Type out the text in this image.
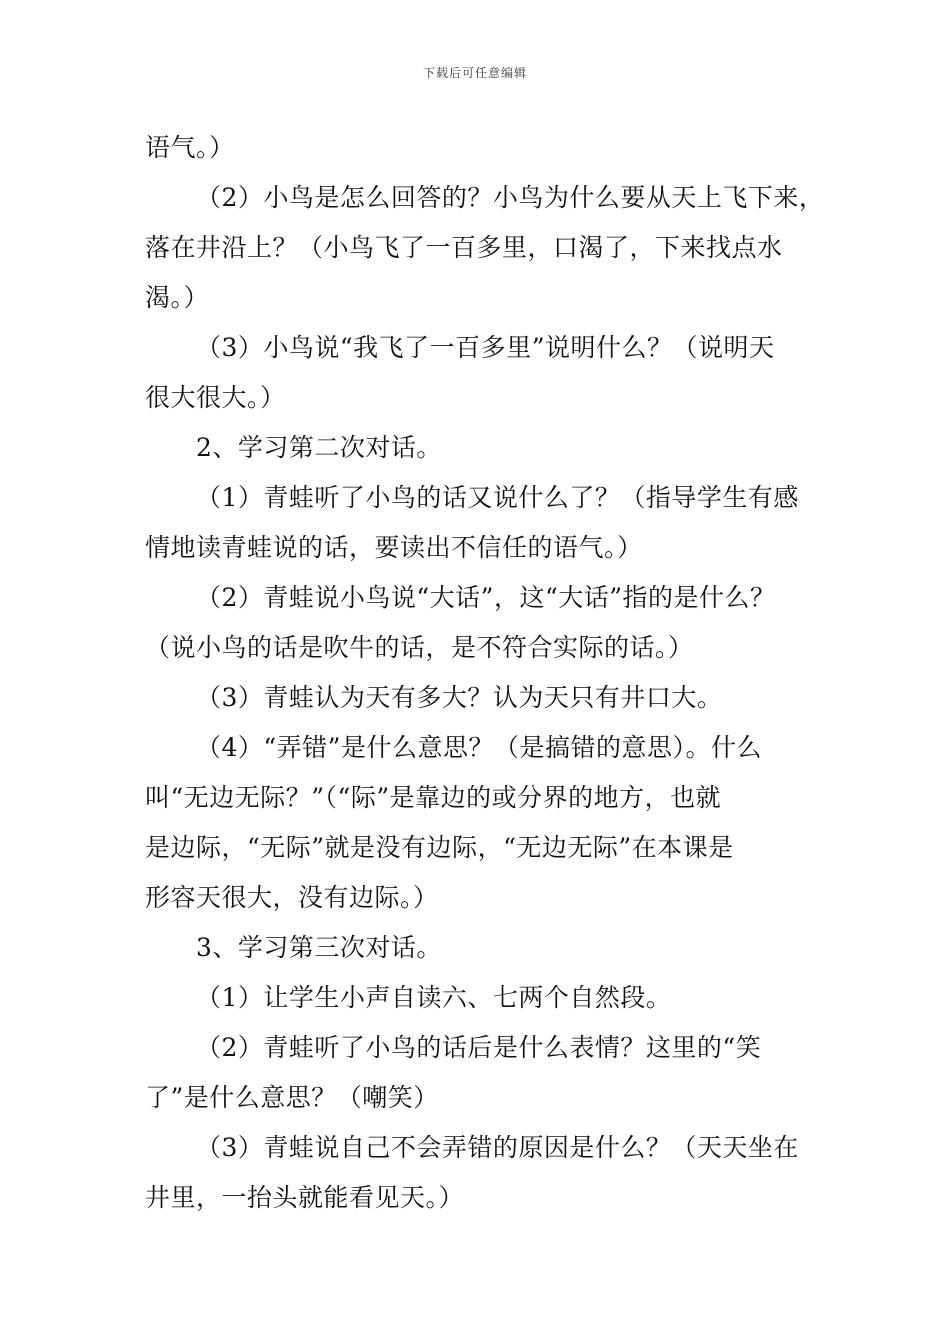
下载后可任意编辑
语气。）
（2）小鸟是怎么回答的？小鸟为什么要从天上飞下来，
落在井沿上？（小鸟飞了一百多里，口渴了，下来找点水
渴。）
（3）小鸟说“我飞了一百多里”说明什么？（说明天
很大很大。）
2、学习第二次对话。
（1）青蛙听了小鸟的话又说什么了？（指导学生有感
情地读青蛙说的话，要读出不信任的语气。）
（2）青蛙说小鸟说“大话”，这“大话”指的是什么？
（说小鸟的话是吹牛的话，是不符合实际的话。）
（3）青蛙认为天有多大？认为天只有井口大。
（4）“弄错”是什么意思？（是搞错的意思）。什么
叫“无边无际？”（“际”是靠边的或分界的地方，也就
是边际，“无际”就是没有边际，“无边无际”在本课是
形容天很大，没有边际。）
3、学习第三次对话。
（1）让学生小声自读六、七两个自然段。
（2）青蛙听了小鸟的话后是什么表情？这里的“笑
了”是什么意思？（嘲笑）
（3）青蛙说自己不会弄错的原因是什么？（天天坐在
井里，一抬头就能看见天。）
